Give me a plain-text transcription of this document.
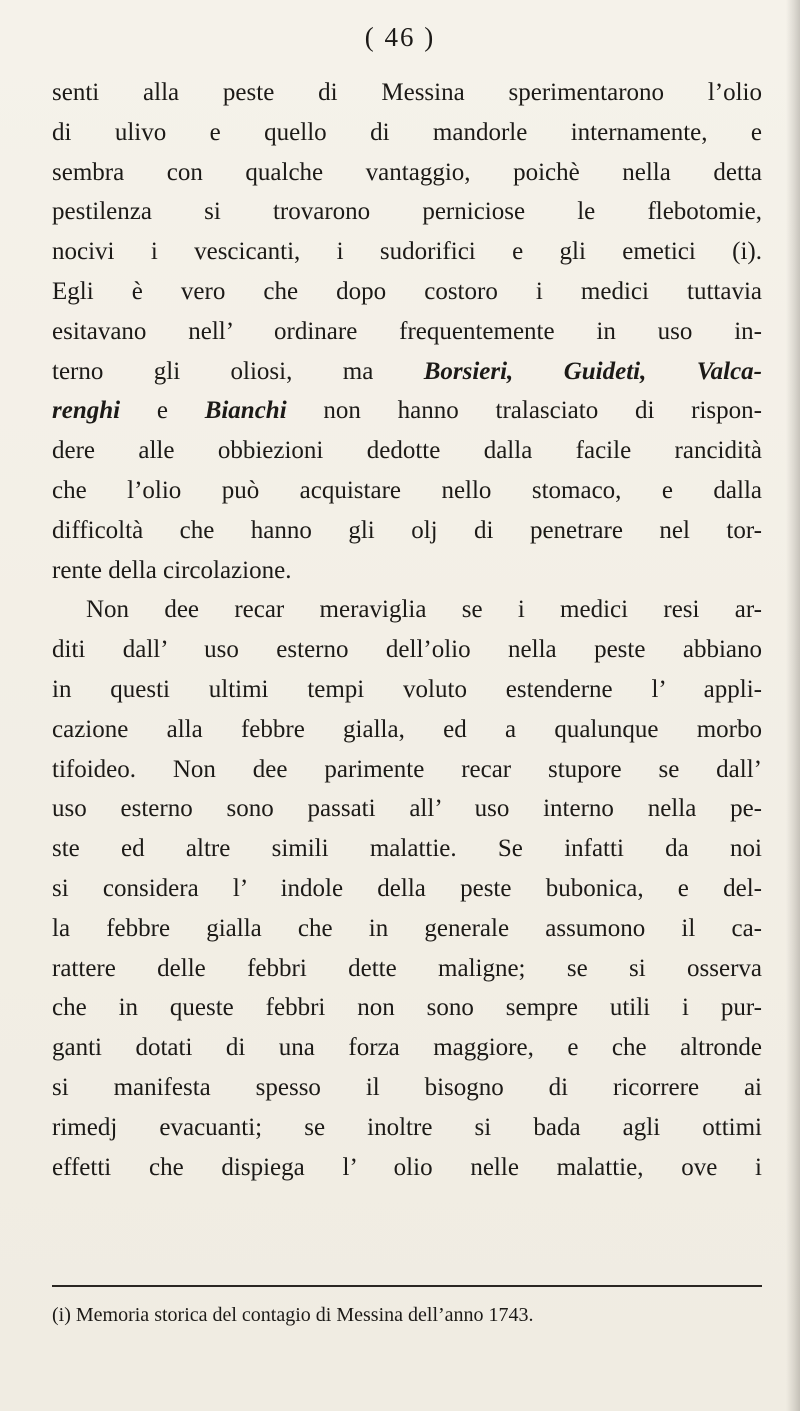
( 46 )
senti alla peste di Messina sperimentarono l’olio
di ulivo e quello di mandorle internamente, e
sembra con qualche vantaggio, poichè nella detta
pestilenza si trovarono perniciose le flebotomie,
nocivi i vescicanti, i sudorifici e gli emetici (i).
Egli è vero che dopo costoro i medici tuttavia
esitavano nell’ ordinare frequentemente in uso in-
terno gli oliosi, ma Borsieri, Guideti, Valca-
renghi e Bianchi non hanno tralasciato di rispon-
dere alle obbiezioni dedotte dalla facile rancidità
che l’olio può acquistare nello stomaco, e dalla
difficoltà che hanno gli olj di penetrare nel tor-
rente della circolazione.
Non dee recar meraviglia se i medici resi ar-
diti dall’ uso esterno dell’olio nella peste abbiano
in questi ultimi tempi voluto estenderne l’ appli-
cazione alla febbre gialla, ed a qualunque morbo
tifoideo. Non dee parimente recar stupore se dall’
uso esterno sono passati all’ uso interno nella pe-
ste ed altre simili malattie. Se infatti da noi
si considera l’ indole della peste bubonica, e del-
la febbre gialla che in generale assumono il ca-
rattere delle febbri dette maligne; se si osserva
che in queste febbri non sono sempre utili i pur-
ganti dotati di una forza maggiore, e che altronde
si manifesta spesso il bisogno di ricorrere ai
rimedj evacuanti; se inoltre si bada agli ottimi
effetti che dispiega l’ olio nelle malattie, ove i
(i) Memoria storica del contagio di Messina dell’anno 1743.
